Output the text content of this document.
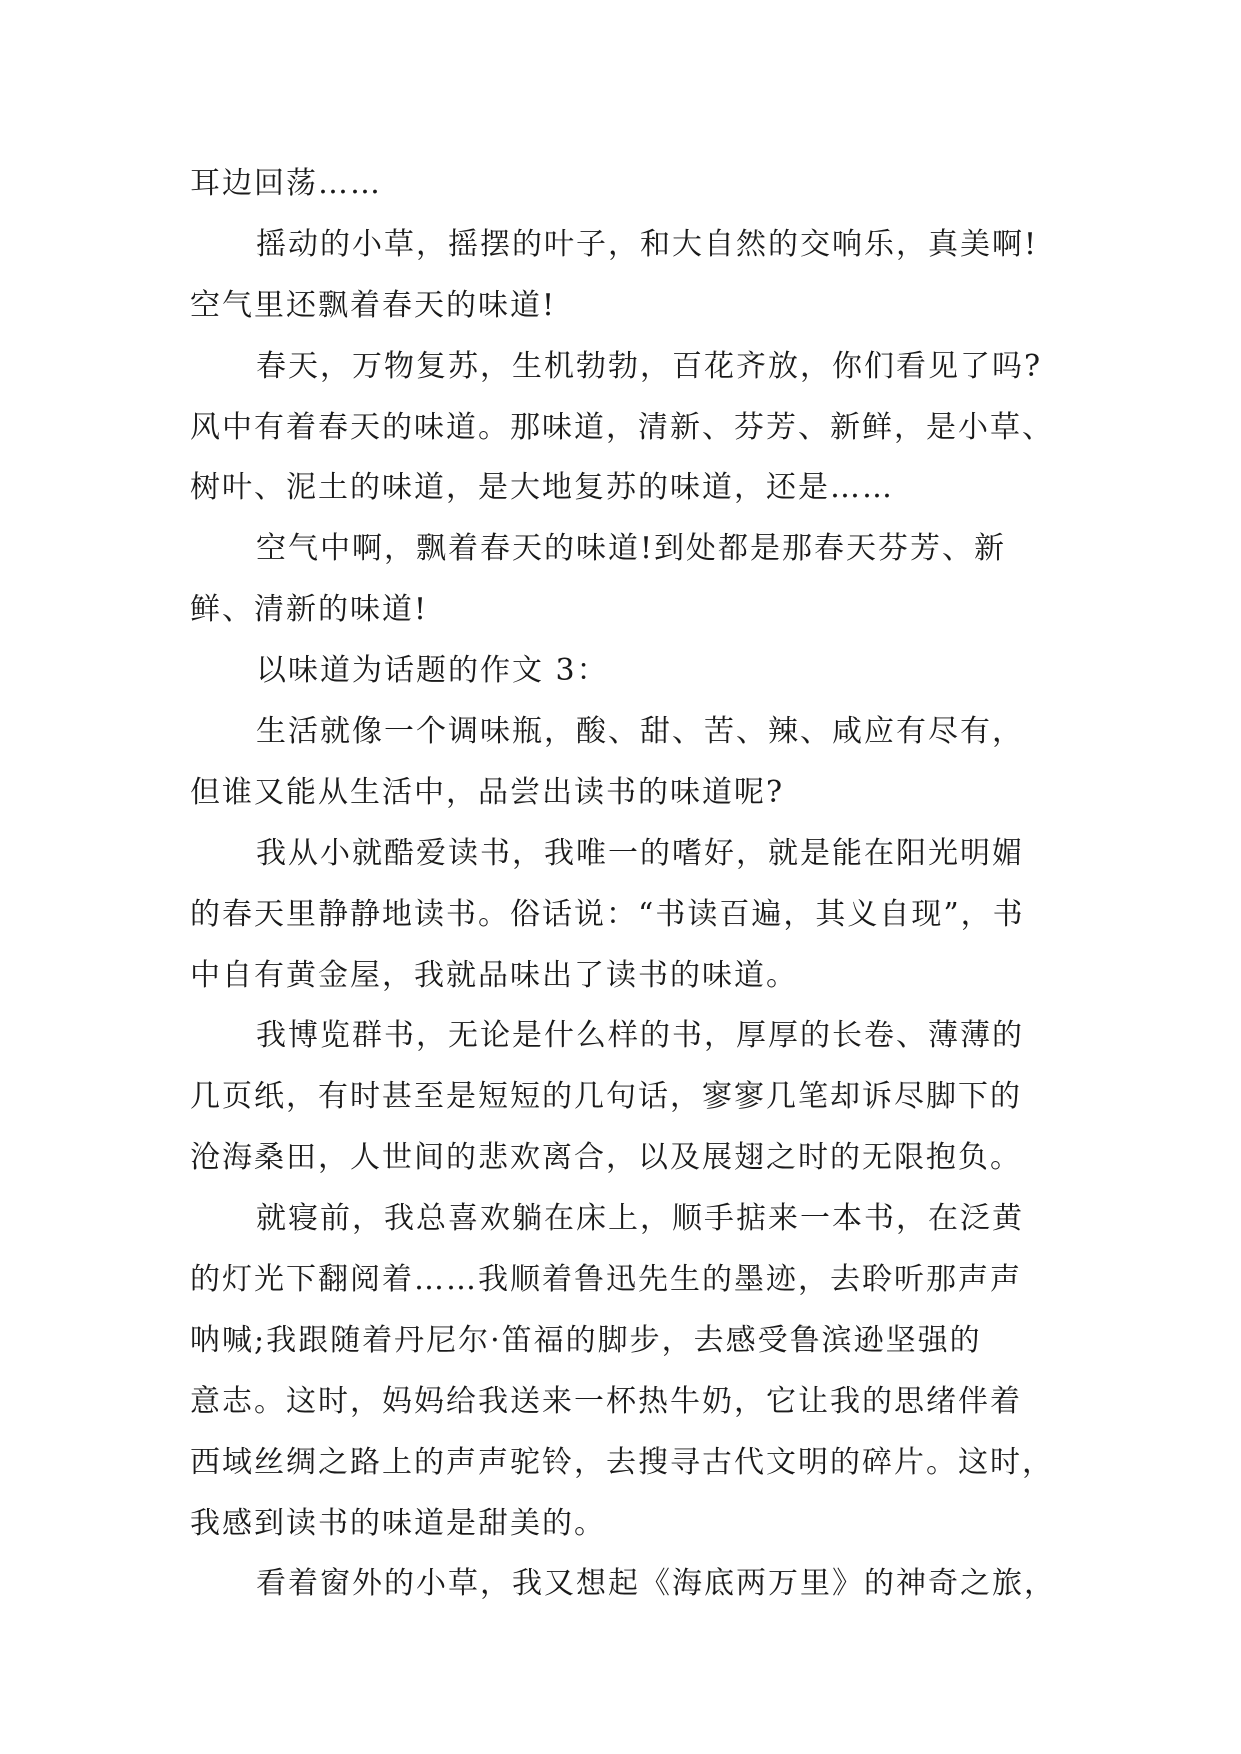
耳边回荡……
摇动的小草，摇摆的叶子，和大自然的交响乐，真美啊!
空气里还飘着春天的味道!
春天，万物复苏，生机勃勃，百花齐放，你们看见了吗?
风中有着春天的味道。那味道，清新、芬芳、新鲜，是小草、
树叶、泥土的味道，是大地复苏的味道，还是……
空气中啊，飘着春天的味道!到处都是那春天芬芳、新
鲜、清新的味道!
以味道为话题的作文 3：
生活就像一个调味瓶，酸、甜、苦、辣、咸应有尽有，
但谁又能从生活中，品尝出读书的味道呢?
我从小就酷爱读书，我唯一的嗜好，就是能在阳光明媚
的春天里静静地读书。俗话说：“书读百遍，其义自现”，书
中自有黄金屋，我就品味出了读书的味道。
我博览群书，无论是什么样的书，厚厚的长卷、薄薄的
几页纸，有时甚至是短短的几句话，寥寥几笔却诉尽脚下的
沧海桑田，人世间的悲欢离合，以及展翅之时的无限抱负。
就寝前，我总喜欢躺在床上，顺手掂来一本书，在泛黄
的灯光下翻阅着……我顺着鲁迅先生的墨迹，去聆听那声声
呐喊;我跟随着丹尼尔·笛福的脚步，去感受鲁滨逊坚强的
意志。这时，妈妈给我送来一杯热牛奶，它让我的思绪伴着
西域丝绸之路上的声声驼铃，去搜寻古代文明的碎片。这时，
我感到读书的味道是甜美的。
看着窗外的小草，我又想起《海底两万里》的神奇之旅，
